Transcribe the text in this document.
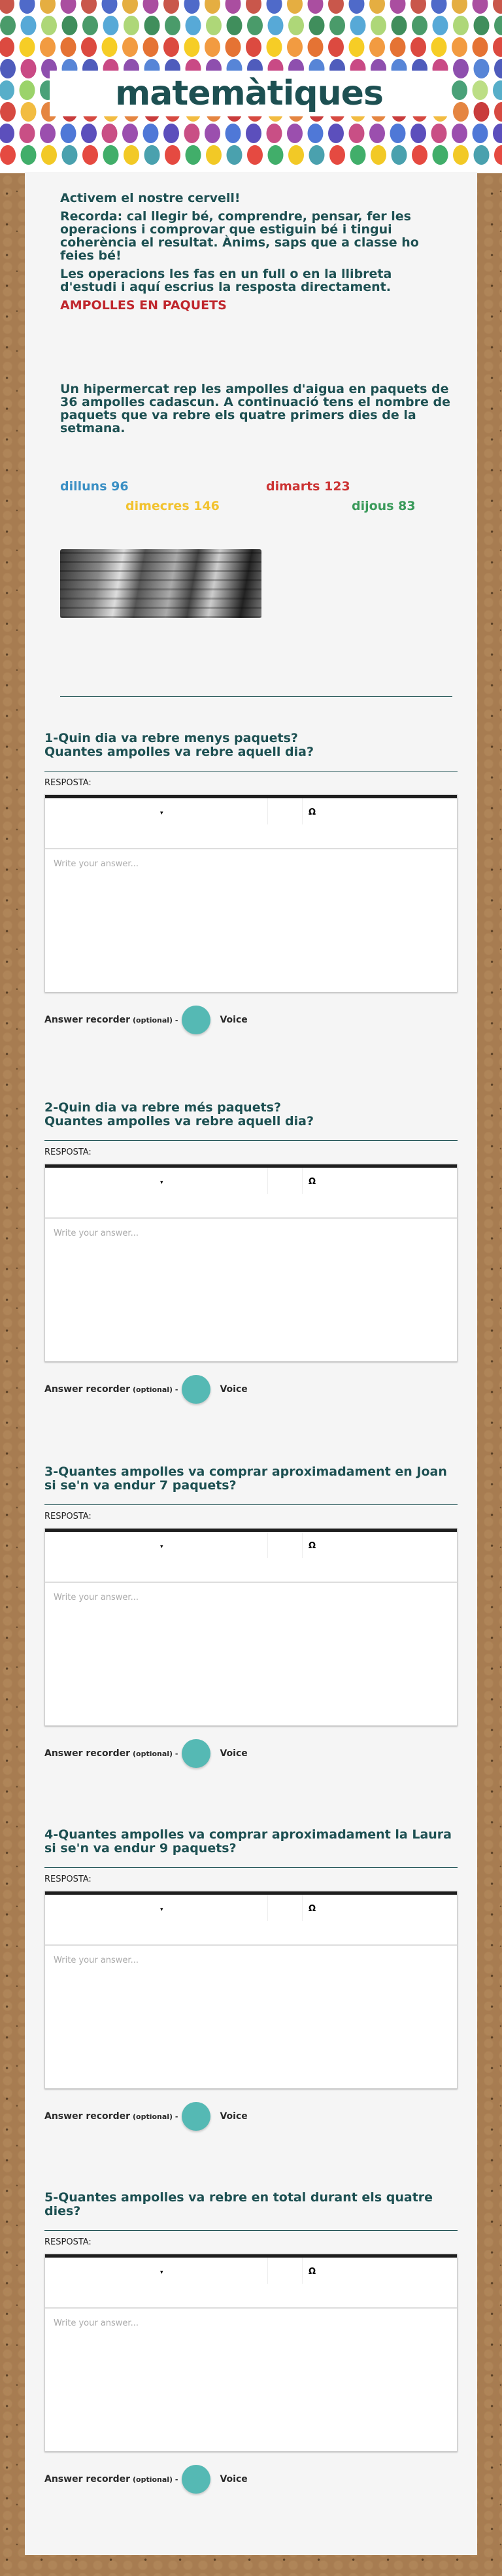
matemàtiques

Activem el nostre cervell!

Recorda: cal llegir bé, comprendre, pensar, fer les operacions i comprovar que estiguin bé i tingui coherència el resultat. Ànims, saps que a classe ho feies bé!

Les operacions les fas en un full o en la llibreta d'estudi i aquí escrius la resposta directament.

AMPOLLES EN PAQUETS

Un hipermercat rep les ampolles d'aigua en paquets de 36 ampolles cadascun. A continuació tens el nombre de paquets que va rebre els quatre primers dies de la setmana.
dilluns 96	dimarts 123
dimecres 146	dijous 83

1-Quin dia va rebre menys paquets?
Quantes ampolles va rebre aquell dia?

RESPOSTA:
▾	Ω
Write your answer...
Answer recorder (optional) -	Voice

2-Quin dia va rebre més paquets?
Quantes ampolles va rebre aquell dia?

RESPOSTA:
▾	Ω
Write your answer...
Answer recorder (optional) -	Voice

3-Quantes ampolles va comprar aproximadament en Joan si se'n va endur 7 paquets?

RESPOSTA:
▾	Ω
Write your answer...
Answer recorder (optional) -	Voice

4-Quantes ampolles va comprar aproximadament la Laura si se'n va endur 9 paquets?

RESPOSTA:
▾	Ω
Write your answer...
Answer recorder (optional) -	Voice

5-Quantes ampolles va rebre en total durant els quatre dies?

RESPOSTA:
▾	Ω
Write your answer...
Answer recorder (optional) -	Voice
